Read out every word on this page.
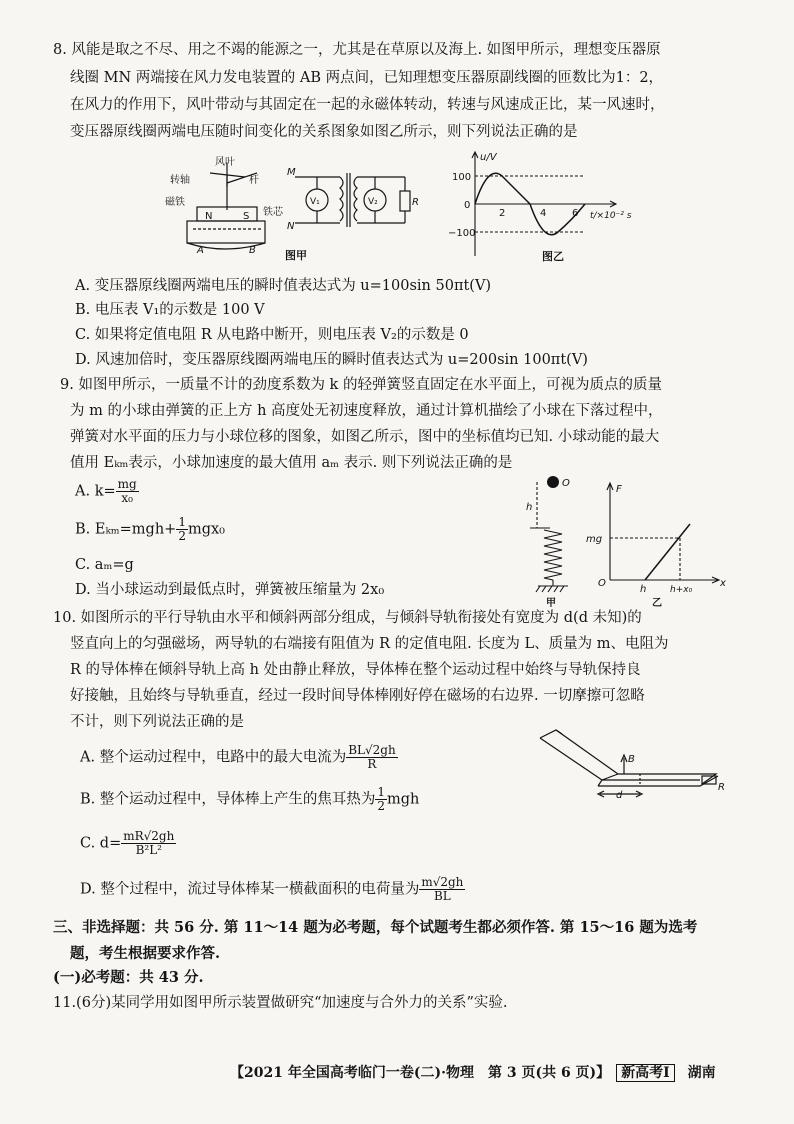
8. 风能是取之不尽、用之不竭的能源之一，尤其是在草原以及海上. 如图甲所示，理想变压器原
线圈 MN 两端接在风力发电装置的 AB 两点间，已知理想变压器原副线圈的匝数比为1：2，
在风力的作用下，风叶带动与其固定在一起的永磁体转动，转速与风速成正比，某一风速时，
变压器原线圈两端电压随时间变化的关系图象如图乙所示，则下列说法正确的是
风叶
转轴	杆
磁铁
铁芯
N	S
A	B
M
N
V₁	V₂	R
图甲
u/V
t/×10⁻² s
100
0
−100
2	4	6
图乙
A. 变压器原线圈两端电压的瞬时值表达式为 u=100sin 50πt(V)
B. 电压表 V₁的示数是 100 V
C. 如果将定值电阻 R 从电路中断开，则电压表 V₂的示数是 0
D. 风速加倍时，变压器原线圈两端电压的瞬时值表达式为 u=200sin 100πt(V)
9. 如图甲所示，一质量不计的劲度系数为 k 的轻弹簧竖直固定在水平面上，可视为质点的质量
为 m 的小球由弹簧的正上方 h 高度处无初速度释放，通过计算机描绘了小球在下落过程中，
弹簧对水平面的压力与小球位移的图象，如图乙所示，图中的坐标值均已知. 小球动能的最大
值用 Eₖₘ表示，小球加速度的最大值用 aₘ 表示. 则下列说法正确的是
A. $k= \frac{mg}{\text{x₀}}$
B. $E_{km}=mgh+ \frac{1}{2} mgx_0$
C. aₘ=g
D. 当小球运动到最低点时，弹簧被压缩量为 2x₀
O
h
甲
F
mg
O
h	h+x₀
x
乙
10. 如图所示的平行导轨由水平和倾斜两部分组成，与倾斜导轨衔接处有宽度为 d(d 未知)的
竖直向上的匀强磁场，两导轨的右端接有阻值为 R 的定值电阻. 长度为 L、质量为 m、电阻为
R 的导体棒在倾斜导轨上高 h 处由静止释放，导体棒在整个运动过程中始终与导轨保持良
好接触，且始终与导轨垂直，经过一段时间导体棒刚好停在磁场的右边界. 一切摩擦可忽略
不计，则下列说法正确的是
A. 整个运动过程中，电路中的最大电流为 $\frac{BL√2gh}{R}$
B. 整个运动过程中，导体棒上产生的焦耳热为 $\frac{1}{2}$ mgh
C. $d= \frac{mR√2gh}{\text{B²L²}}$
D. 整个过程中，流过导体棒某一横截面积的电荷量为 $\frac{m√2gh}{BL}$
B
d
R
三、非选择题：共 56 分. 第 11～14 题为必考题，每个试题考生都必须作答. 第 15～16 题为选考
题，考生根据要求作答.
(一)必考题：共 43 分.
11.(6分)某同学用如图甲所示装置做研究“加速度与合外力的关系”实验.
【2021 年全国高考临门一卷(二)·物理　第 3 页(共 6 页)】 新高考Ⅰ 湖南
